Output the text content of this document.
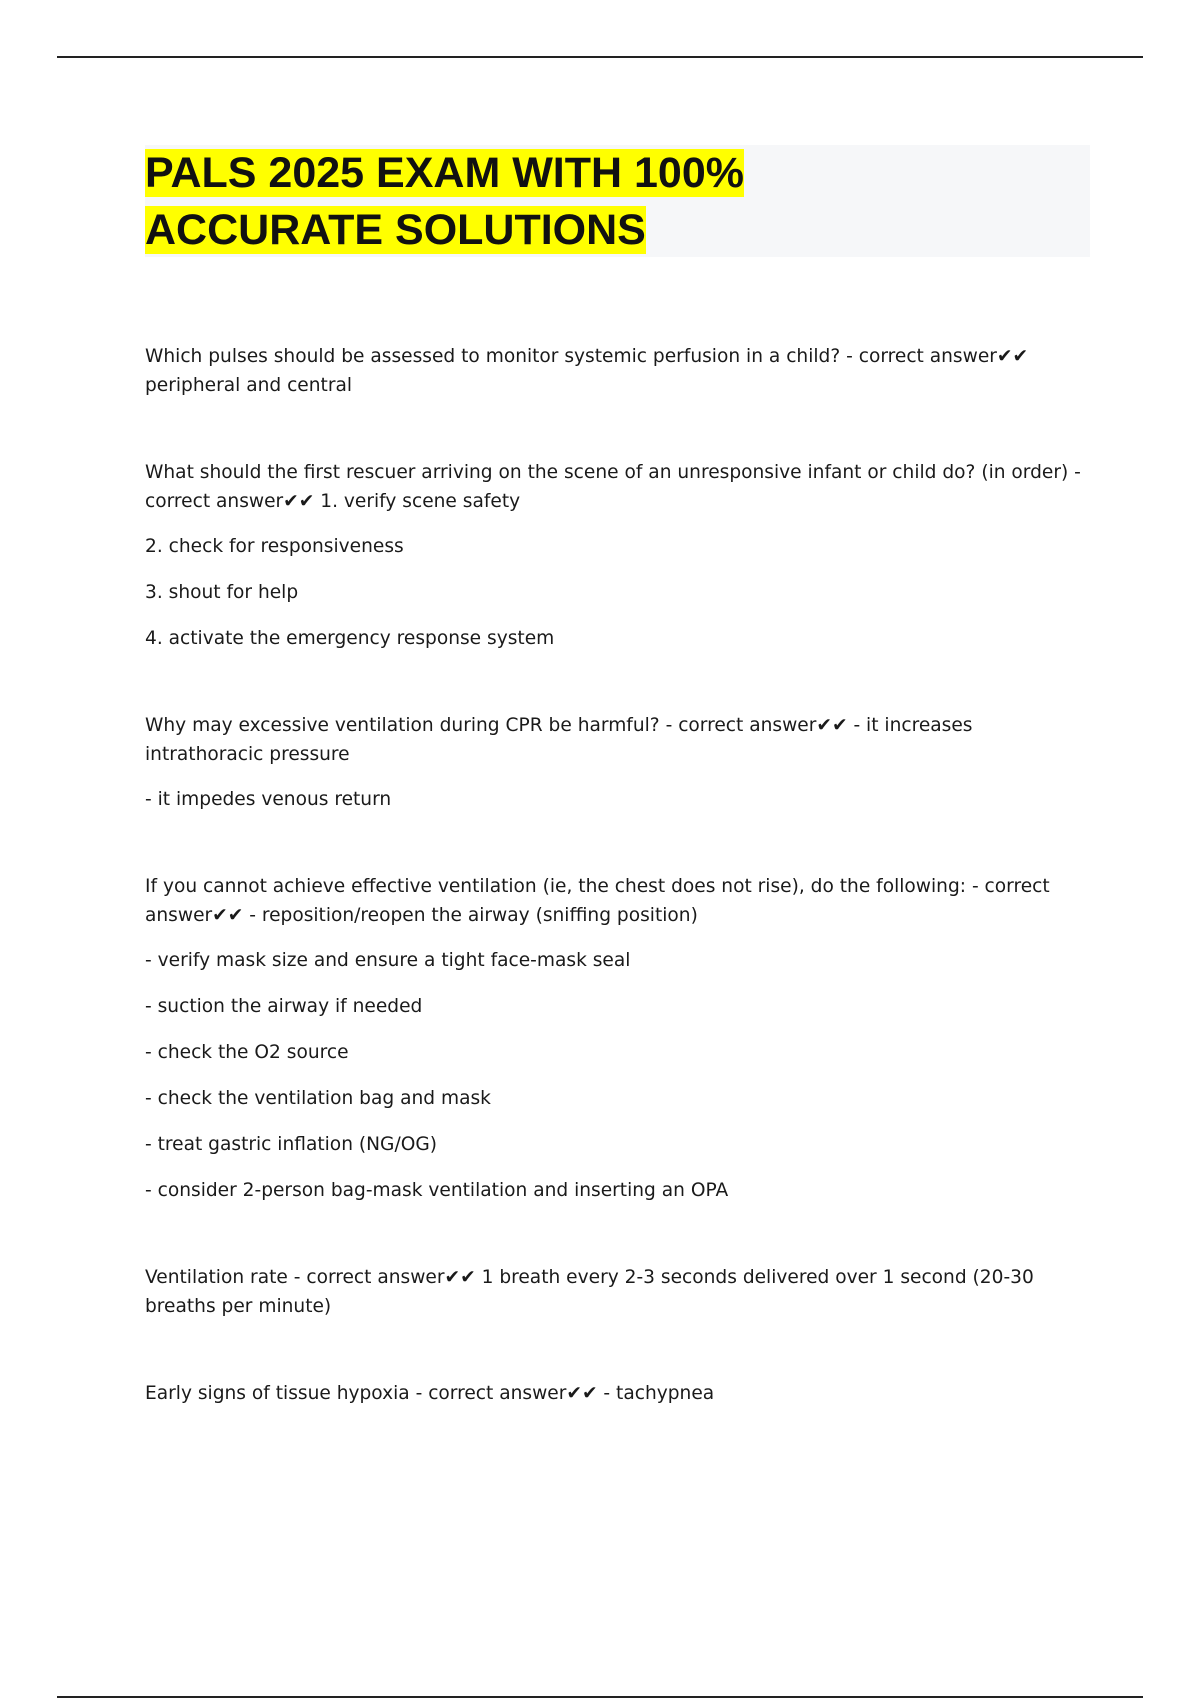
PALS 2025 EXAM WITH 100%
ACCURATE SOLUTIONS

Which pulses should be assessed to monitor systemic perfusion in a child? - correct answer✔✔ peripheral and central

What should the first rescuer arriving on the scene of an unresponsive infant or child do? (in order) - correct answer✔✔ 1. verify scene safety

2. check for responsiveness

3. shout for help

4. activate the emergency response system

Why may excessive ventilation during CPR be harmful? - correct answer✔✔ - it increases intrathoracic pressure

- it impedes venous return

If you cannot achieve effective ventilation (ie, the chest does not rise), do the following: - correct answer✔✔ - reposition/reopen the airway (sniffing position)

- verify mask size and ensure a tight face-mask seal

- suction the airway if needed

- check the O2 source

- check the ventilation bag and mask

- treat gastric inflation (NG/OG)

- consider 2-person bag-mask ventilation and inserting an OPA

Ventilation rate - correct answer✔✔ 1 breath every 2-3 seconds delivered over 1 second (20-30 breaths per minute)

Early signs of tissue hypoxia - correct answer✔✔ - tachypnea
